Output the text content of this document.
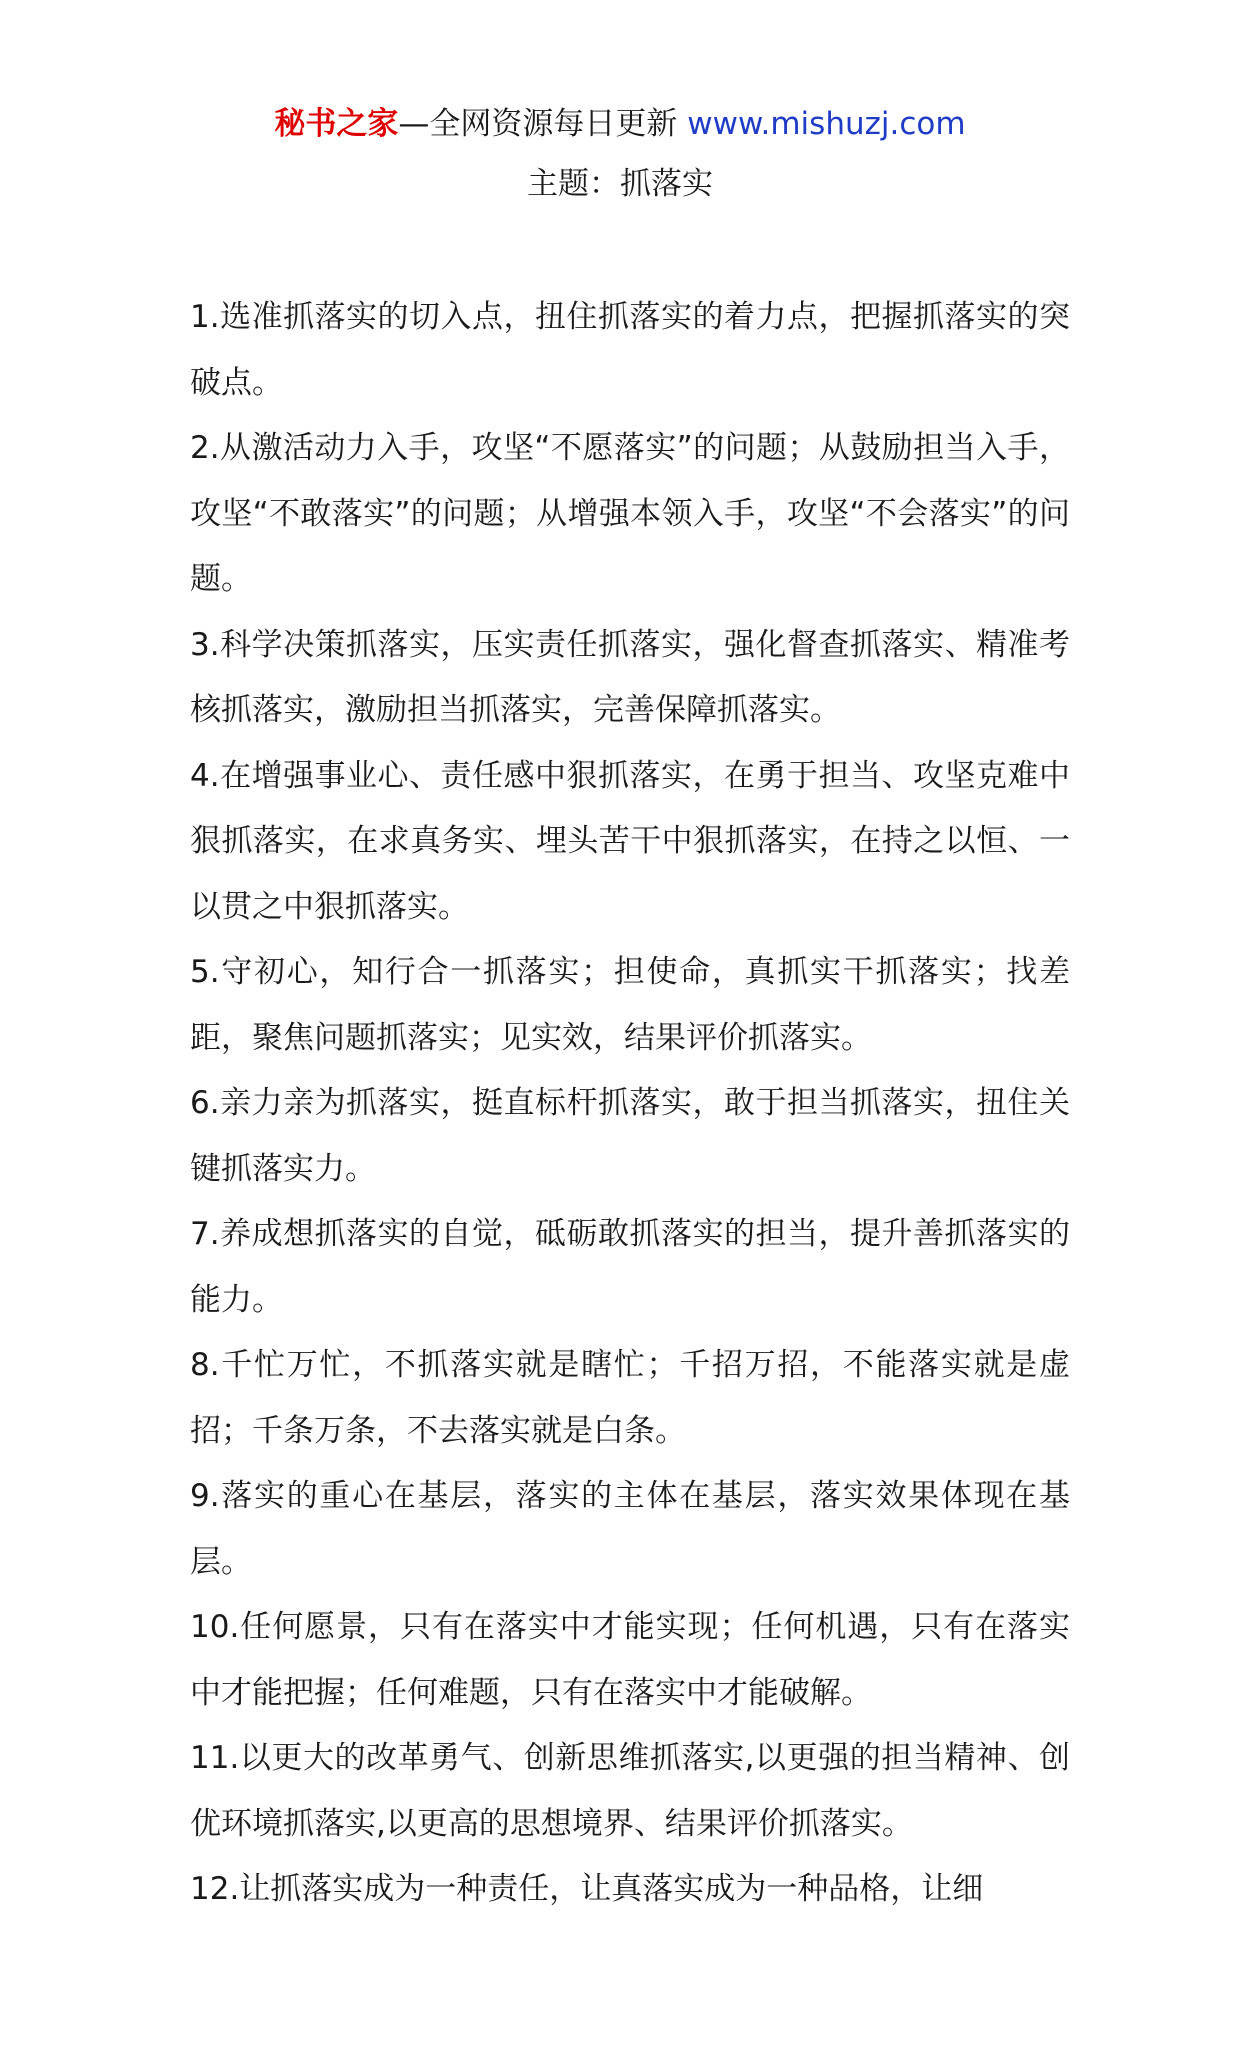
秘书之家—全网资源每日更新 www.mishuzj.com
主题：抓落实

1.选准抓落实的切入点，扭住抓落实的着力点，把握抓落实的突破点。

2.从激活动力入手，攻坚“不愿落实”的问题；从鼓励担当入手，攻坚“不敢落实”的问题；从增强本领入手，攻坚“不会落实”的问题。

3.科学决策抓落实，压实责任抓落实，强化督查抓落实、精准考核抓落实，激励担当抓落实，完善保障抓落实。

4.在增强事业心、责任感中狠抓落实，在勇于担当、攻坚克难中狠抓落实，在求真务实、埋头苦干中狠抓落实，在持之以恒、一以贯之中狠抓落实。

5.守初心，知行合一抓落实；担使命，真抓实干抓落实；找差距，聚焦问题抓落实；见实效，结果评价抓落实。

6.亲力亲为抓落实，挺直标杆抓落实，敢于担当抓落实，扭住关键抓落实力。

7.养成想抓落实的自觉，砥砺敢抓落实的担当，提升善抓落实的能力。

8.千忙万忙，不抓落实就是瞎忙；千招万招，不能落实就是虚招；千条万条，不去落实就是白条。

9.落实的重心在基层，落实的主体在基层，落实效果体现在基层。

10.任何愿景，只有在落实中才能实现；任何机遇，只有在落实中才能把握；任何难题，只有在落实中才能破解。

11.以更大的改革勇气、创新思维抓落实,以更强的担当精神、创优环境抓落实,以更高的思想境界、结果评价抓落实。

12.让抓落实成为一种责任，让真落实成为一种品格，让细
